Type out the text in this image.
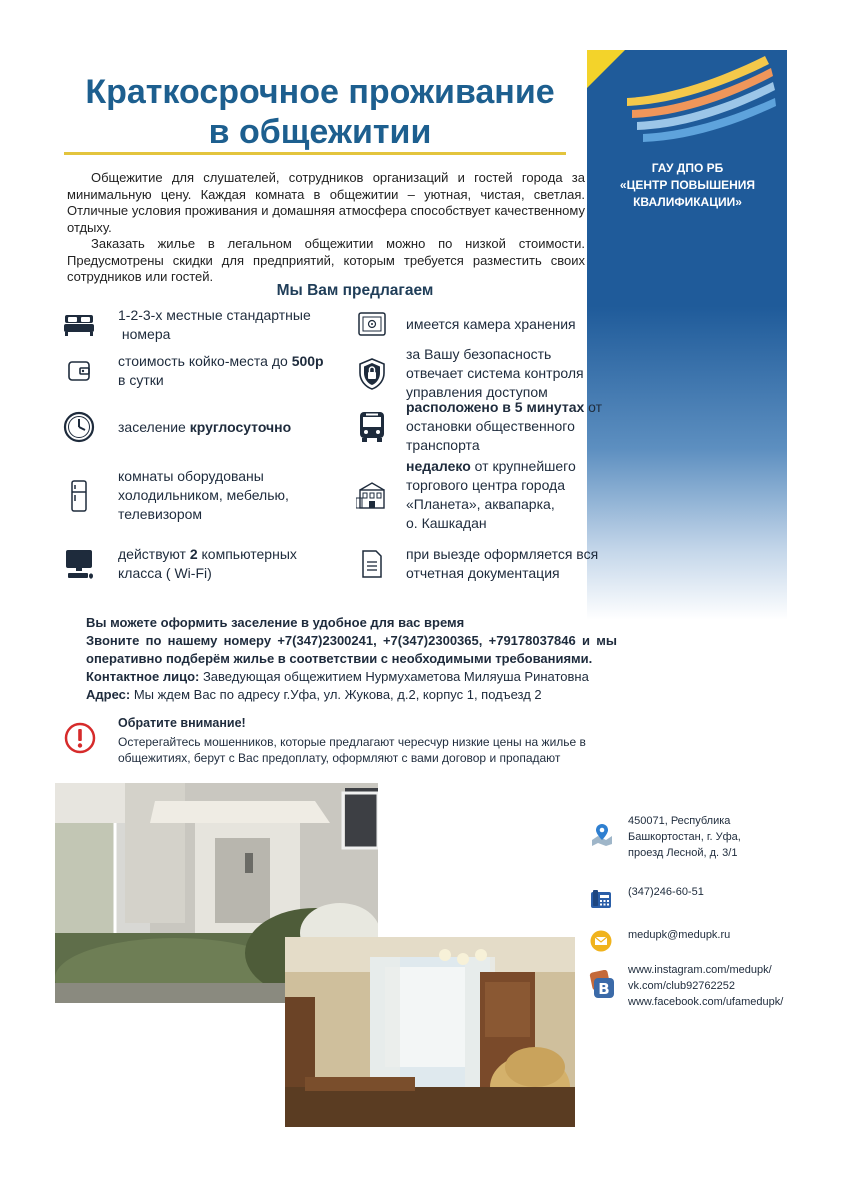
ГАУ ДПО РБ
«ЦЕНТР ПОВЫШЕНИЯ
КВАЛИФИКАЦИИ»
Краткосрочное проживание
в общежитии

Общежитие для слушателей, сотрудников организаций и гостей города за минимальную цену. Каждая комната в общежитии – уютная, чистая, светлая. Отличные условия проживания и домашняя атмосфера способствует качественному отдыху.

Заказать жилье в легальном общежитии можно по низкой стоимости. Предусмотрены скидки для предприятий, которым требуется разместить своих сотрудников или гостей.

Мы Вам предлагаем
1-2-3-х местные стандартные
номера
стоимость койко-места до 500р
в сутки
заселение круглосуточно
комнаты оборудованы
холодильником, мебелью,
телевизором
действуют 2 компьютерных
класса ( Wi-Fi)
имеется камера хранения
за Вашу безопасность
отвечает система контроля
управления доступом
расположено в 5 минутах от
остановки общественного
транспорта
недалеко от крупнейшего
торгового центра города
«Планета», аквапарка,
о. Кашкадан
при выезде оформляется вся
отчетная документация
Вы можете оформить заселение в удобное для вас время
Звоните по нашему номеру +7(347)2300241, +7(347)2300365, +79178037846 и мы оперативно подберём жилье в соответствии с необходимыми требованиями.
Контактное лицо: Заведующая общежитием Нурмухаметова Миляуша Ринатовна
Адрес: Мы ждем Вас по адресу г.Уфа, ул. Жукова, д.2, корпус 1, подъезд 2
Обратите внимание!
Остерегайтесь мошенников, которые предлагают чересчур низкие цены на жилье в общежитиях, берут с Вас предоплату, оформляют с вами договор и пропадают
450071, Республика
Башкортостан, г. Уфа,
проезд Лесной, д. 3/1
(347)246-60-51
medupk@medupk.ru
В
www.instagram.com/medupk/
vk.com/club92762252
www.facebook.com/ufamedupk/
